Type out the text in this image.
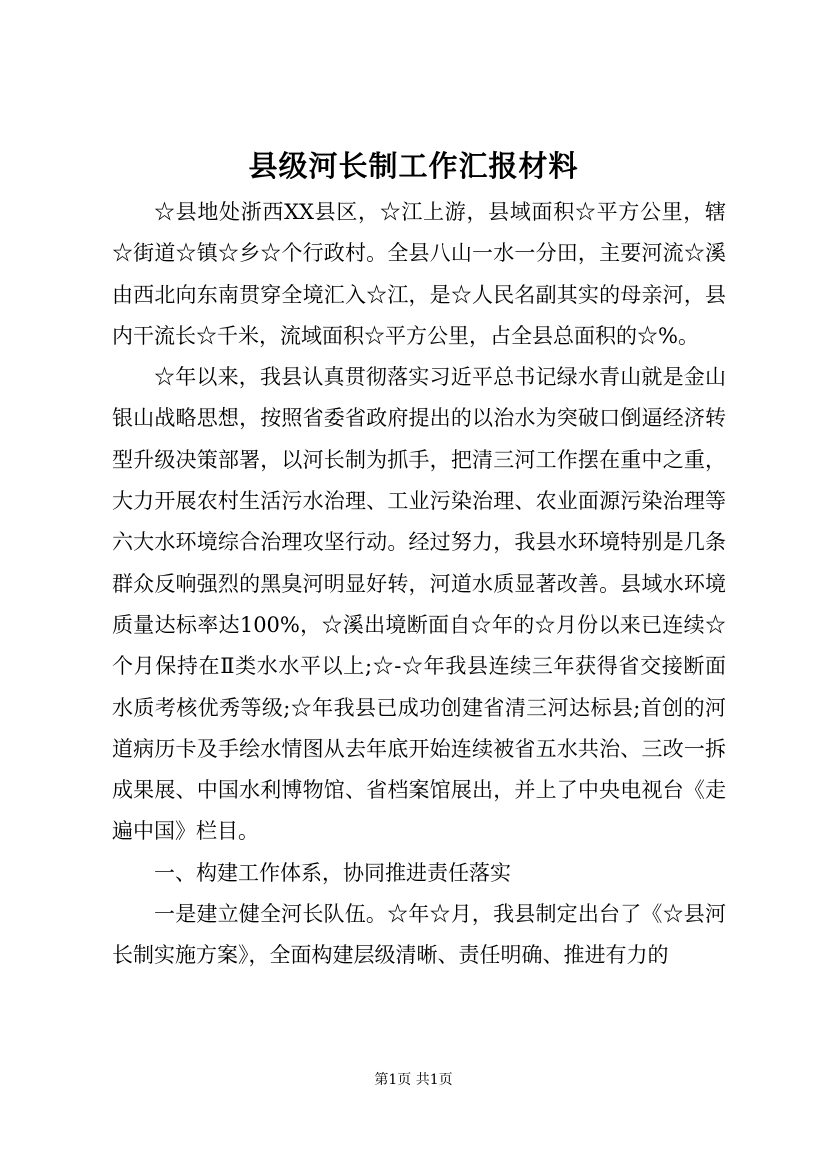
县级河长制工作汇报材料

☆县地处浙西XX县区，☆江上游，县域面积☆平方公里，辖☆街道☆镇☆乡☆个行政村。全县八山一水一分田，主要河流☆溪由西北向东南贯穿全境汇入☆江，是☆人民名副其实的母亲河，县内干流长☆千米，流域面积☆平方公里，占全县总面积的☆%。

☆年以来，我县认真贯彻落实习近平总书记绿水青山就是金山银山战略思想，按照省委省政府提出的以治水为突破口倒逼经济转型升级决策部署，以河长制为抓手，把清三河工作摆在重中之重，大力开展农村生活污水治理、工业污染治理、农业面源污染治理等六大水环境综合治理攻坚行动。经过努力，我县水环境特别是几条群众反响强烈的黑臭河明显好转，河道水质显著改善。县域水环境质量达标率达100%，☆溪出境断面自☆年的☆月份以来已连续☆个月保持在Ⅱ类水水平以上;☆-☆年我县连续三年获得省交接断面水质考核优秀等级;☆年我县已成功创建省清三河达标县;首创的河道病历卡及手绘水情图从去年底开始连续被省五水共治、三改一拆成果展、中国水利博物馆、省档案馆展出，并上了中央电视台《走遍中国》栏目。

一、构建工作体系，协同推进责任落实

一是建立健全河长队伍。☆年☆月，我县制定出台了《☆县河长制实施方案》，全面构建层级清晰、责任明确、推进有力的

第1页 共1页
